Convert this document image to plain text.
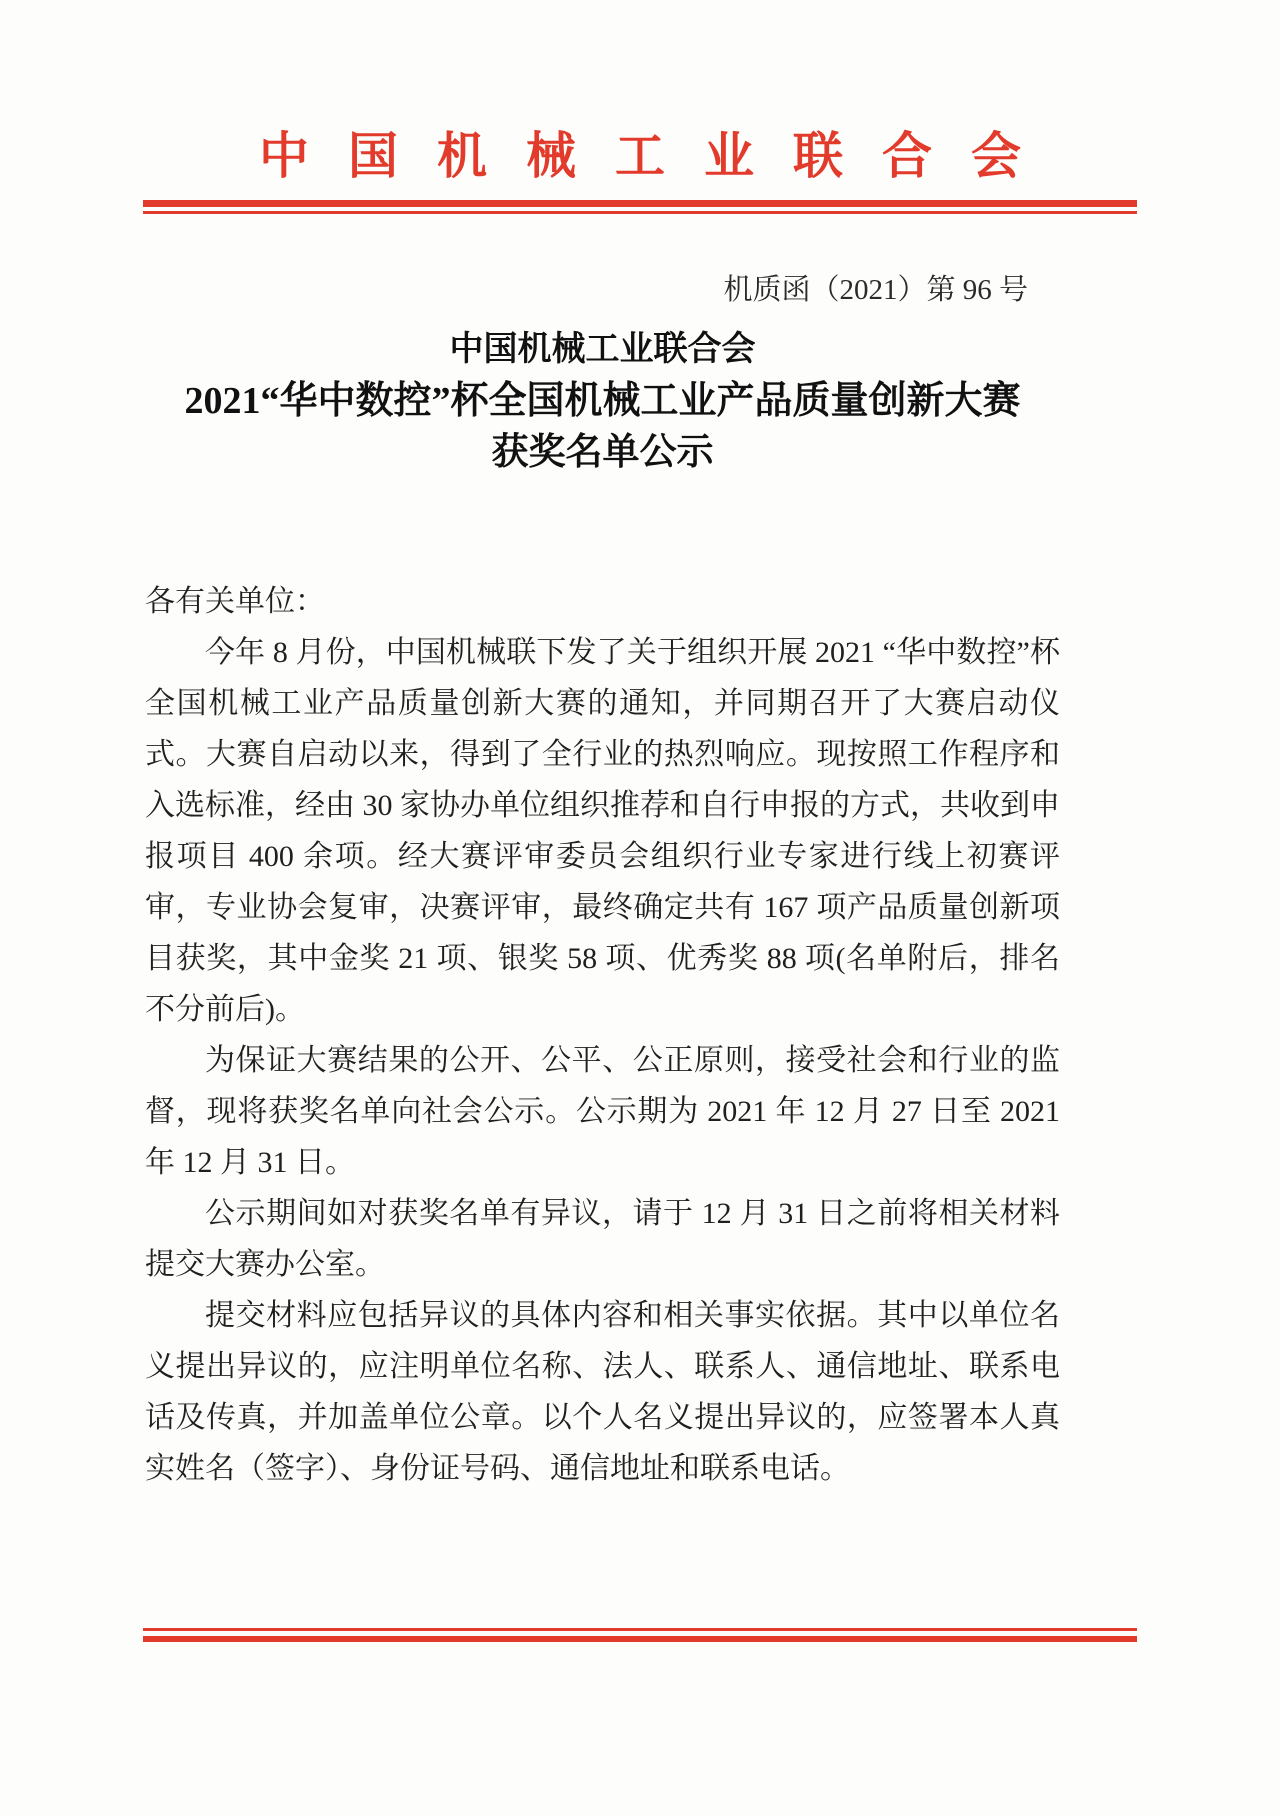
中国机械工业联合会
机质函（2021）第 96 号
中国机械工业联合会
2021“华中数控”杯全国机械工业产品质量创新大赛
获奖名单公示
各有关单位：

今年 8 月份，中国机械联下发了关于组织开展 2021 “华中数控”杯全国机械工业产品质量创新大赛的通知，并同期召开了大赛启动仪式。大赛自启动以来，得到了全行业的热烈响应。现按照工作程序和入选标准，经由 30 家协办单位组织推荐和自行申报的方式，共收到申报项目 400 余项。经大赛评审委员会组织行业专家进行线上初赛评审，专业协会复审，决赛评审，最终确定共有 167 项产品质量创新项目获奖，其中金奖 21 项、银奖 58 项、优秀奖 88 项(名单附后，排名不分前后)。

为保证大赛结果的公开、公平、公正原则，接受社会和行业的监督，现将获奖名单向社会公示。公示期为 2021 年 12 月 27 日至 2021 年 12 月 31 日。

公示期间如对获奖名单有异议，请于 12 月 31 日之前将相关材料提交大赛办公室。

提交材料应包括异议的具体内容和相关事实依据。其中以单位名义提出异议的，应注明单位名称、法人、联系人、通信地址、联系电话及传真，并加盖单位公章。以个人名义提出异议的，应签署本人真实姓名（签字）、身份证号码、通信地址和联系电话。
